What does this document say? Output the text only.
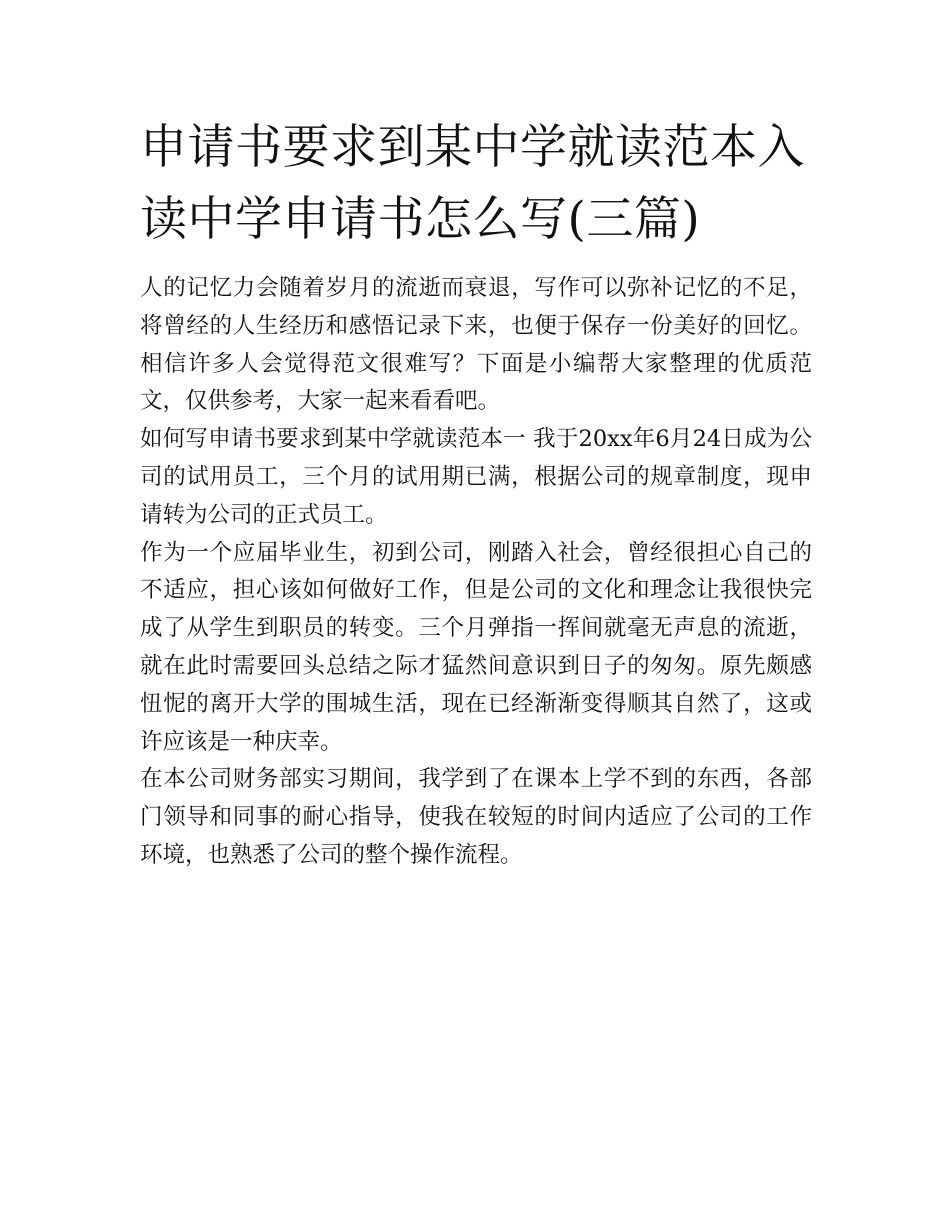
申请书要求到某中学就读范本入读中学申请书怎么写(三篇)

人的记忆力会随着岁月的流逝而衰退，写作可以弥补记忆的不足，将曾经的人生经历和感悟记录下来，也便于保存一份美好的回忆。相信许多人会觉得范文很难写？下面是小编帮大家整理的优质范文，仅供参考，大家一起来看看吧。

如何写申请书要求到某中学就读范本一 我于20xx年6月24日成为公司的试用员工，三个月的试用期已满，根据公司的规章制度，现申请转为公司的正式员工。

作为一个应届毕业生，初到公司，刚踏入社会，曾经很担心自己的不适应，担心该如何做好工作，但是公司的文化和理念让我很快完成了从学生到职员的转变。三个月弹指一挥间就毫无声息的流逝，就在此时需要回头总结之际才猛然间意识到日子的匆匆。原先颇感忸怩的离开大学的围城生活，现在已经渐渐变得顺其自然了，这或许应该是一种庆幸。

在本公司财务部实习期间，我学到了在课本上学不到的东西，各部门领导和同事的耐心指导，使我在较短的时间内适应了公司的工作环境，也熟悉了公司的整个操作流程。
